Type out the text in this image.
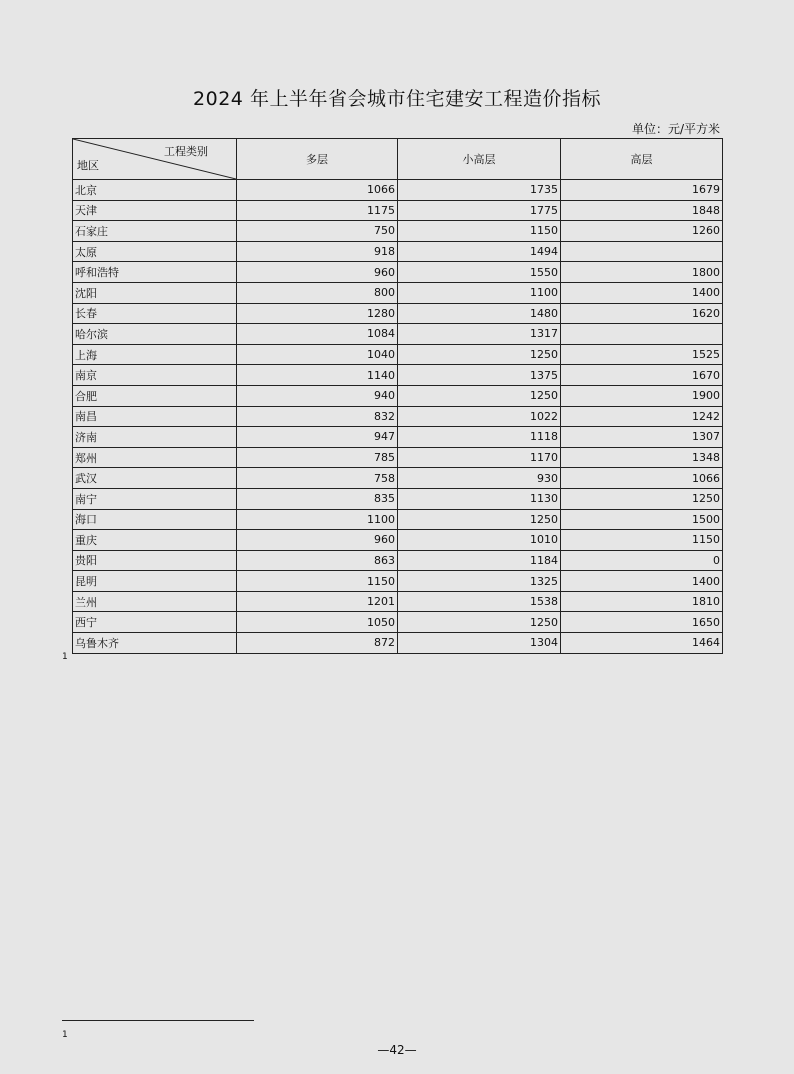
2024 年上半年省会城市住宅建安工程造价指标
单位：元/平方米
工程类别
地区	多层	小高层	高层
北京	1066	1735	1679
天津	1175	1775	1848
石家庄	750	1150	1260
太原	918	1494	
呼和浩特	960	1550	1800
沈阳	800	1100	1400
长春	1280	1480	1620
哈尔滨	1084	1317	
上海	1040	1250	1525
南京	1140	1375	1670
合肥	940	1250	1900
南昌	832	1022	1242
济南	947	1118	1307
郑州	785	1170	1348
武汉	758	930	1066
南宁	835	1130	1250
海口	1100	1250	1500
重庆	960	1010	1150
贵阳	863	1184	0
昆明	1150	1325	1400
兰州	1201	1538	1810
西宁	1050	1250	1650
乌鲁木齐	872	1304	1464
1
1
—42—
